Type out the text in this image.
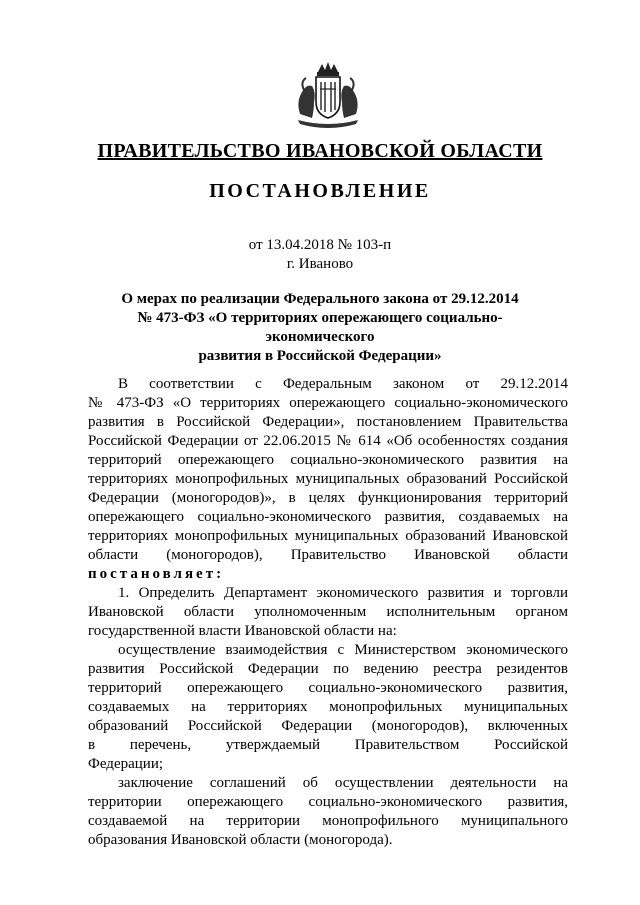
ПРАВИТЕЛЬСТВО ИВАНОВСКОЙ ОБЛАСТИ
ПОСТАНОВЛЕНИЕ
от 13.04.2018 № 103-п
г. Иваново
О мерах по реализации Федерального закона от 29.12.2014
№ 473-ФЗ «О территориях опережающего социально-экономического
развития в Российской Федерации»
В соответствии с Федеральным законом от 29.12.2014
№ 473-ФЗ «О территориях опережающего социально-экономического
развития в Российской Федерации», постановлением Правительства
Российской Федерации от 22.06.2015 № 614 «Об особенностях создания
территорий опережающего социально-экономического развития на
территориях монопрофильных муниципальных образований Российской
Федерации (моногородов)», в целях функционирования территорий
опережающего социально-экономического развития, создаваемых на
территориях монопрофильных муниципальных образований Ивановской
области (моногородов), Правительство Ивановской области
постановляет:
1. Определить Департамент экономического развития и торговли
Ивановской области уполномоченным исполнительным органом
государственной власти Ивановской области на:
осуществление взаимодействия с Министерством экономического
развития Российской Федерации по ведению реестра резидентов
территорий опережающего социально-экономического развития,
создаваемых на территориях монопрофильных муниципальных
образований Российской Федерации (моногородов), включенных
в перечень, утверждаемый Правительством Российской
Федерации;
заключение соглашений об осуществлении деятельности на
территории опережающего социально-экономического развития,
создаваемой на территории монопрофильного муниципального
образования Ивановской области (моногорода).
